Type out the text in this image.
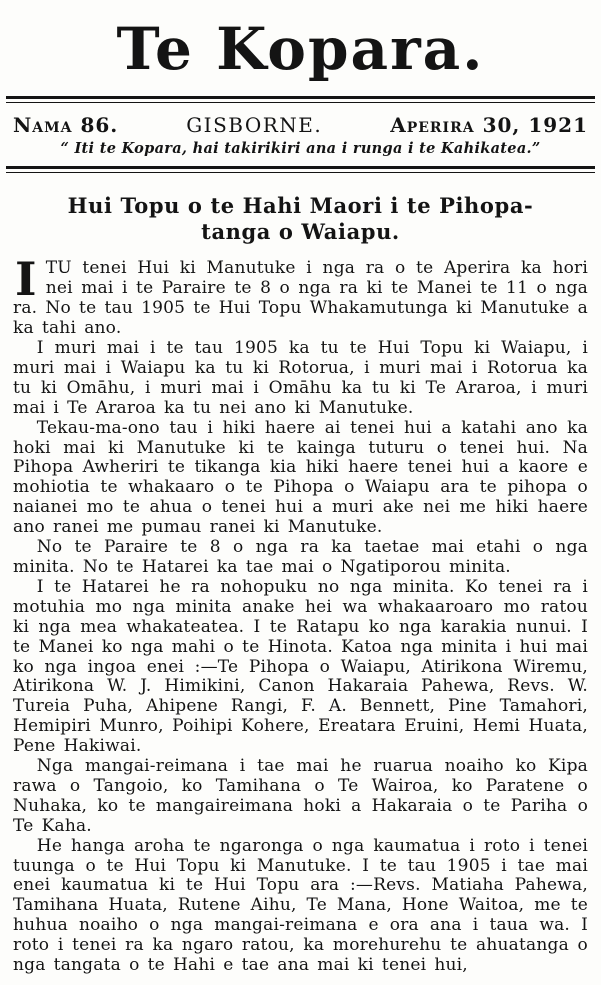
Te Kopara.
Nama 86.	GISBORNE.	Aperira 30, 1921
“ Iti te Kopara, hai takirikiri ana i runga i te Kahikatea.”
Hui Topu o te Hahi Maori i te Pihopa-
tanga o Waiapu.

ITU tenei Hui ki Manutuke i nga ra o te Aperira ka hori nei mai i te Paraire te 8 o nga ra ki te Manei te 11 o nga ra. No te tau 1905 te Hui Topu Whakamutunga ki Manutuke a ka tahi ano.

I muri mai i te tau 1905 ka tu te Hui Topu ki Waiapu, i muri mai i Waiapu ka tu ki Rotorua, i muri mai i Rotorua ka tu ki Omāhu, i muri mai i Omāhu ka tu ki Te Araroa, i muri mai i Te Araroa ka tu nei ano ki Manutuke.

Tekau-ma-ono tau i hiki haere ai tenei hui a katahi ano ka hoki mai ki Manutuke ki te kainga tuturu o tenei hui. Na Pihopa Awheriri te tikanga kia hiki haere tenei hui a kaore e mohiotia te whakaaro o te Pihopa o Waiapu ara te pihopa o naianei mo te ahua o tenei hui a muri ake nei me hiki haere ano ranei me pumau ranei ki Manutuke.

No te Paraire te 8 o nga ra ka taetae mai etahi o nga minita. No te Hatarei ka tae mai o Ngatiporou minita.

I te Hatarei he ra nohopuku no nga minita. Ko tenei ra i motuhia mo nga minita anake hei wa whakaaroaro mo ratou ki nga mea whakateatea. I te Ratapu ko nga karakia nunui. I te Manei ko nga mahi o te Hinota. Katoa nga minita i hui mai ko nga ingoa enei :—Te Pihopa o Waiapu, Atirikona Wiremu, Atirikona W. J. Himikini, Canon Hakaraia Pahewa, Revs. W. Tureia Puha, Ahipene Rangi, F. A. Bennett, Pine Tamahori, Hemipiri Munro, Poihipi Kohere, Ereatara Eruini, Hemi Huata, Pene Hakiwai.

Nga mangai-reimana i tae mai he ruarua noaiho ko Kipa rawa o Tangoio, ko Tamihana o Te Wairoa, ko Paratene o Nuhaka, ko te mangaireimana hoki a Hakaraia o te Pariha o Te Kaha.

He hanga aroha te ngaronga o nga kaumatua i roto i tenei tuunga o te Hui Topu ki Manutuke. I te tau 1905 i tae mai enei kaumatua ki te Hui Topu ara :—Revs. Matiaha Pahewa, Tamihana Huata, Rutene Aihu, Te Mana, Hone Waitoa, me te huhua noaiho o nga mangai-reimana e ora ana i taua wa. I roto i tenei ra ka ngaro ratou, ka morehurehu te ahuatanga o nga tangata o te Hahi e tae ana mai ki tenei hui,
